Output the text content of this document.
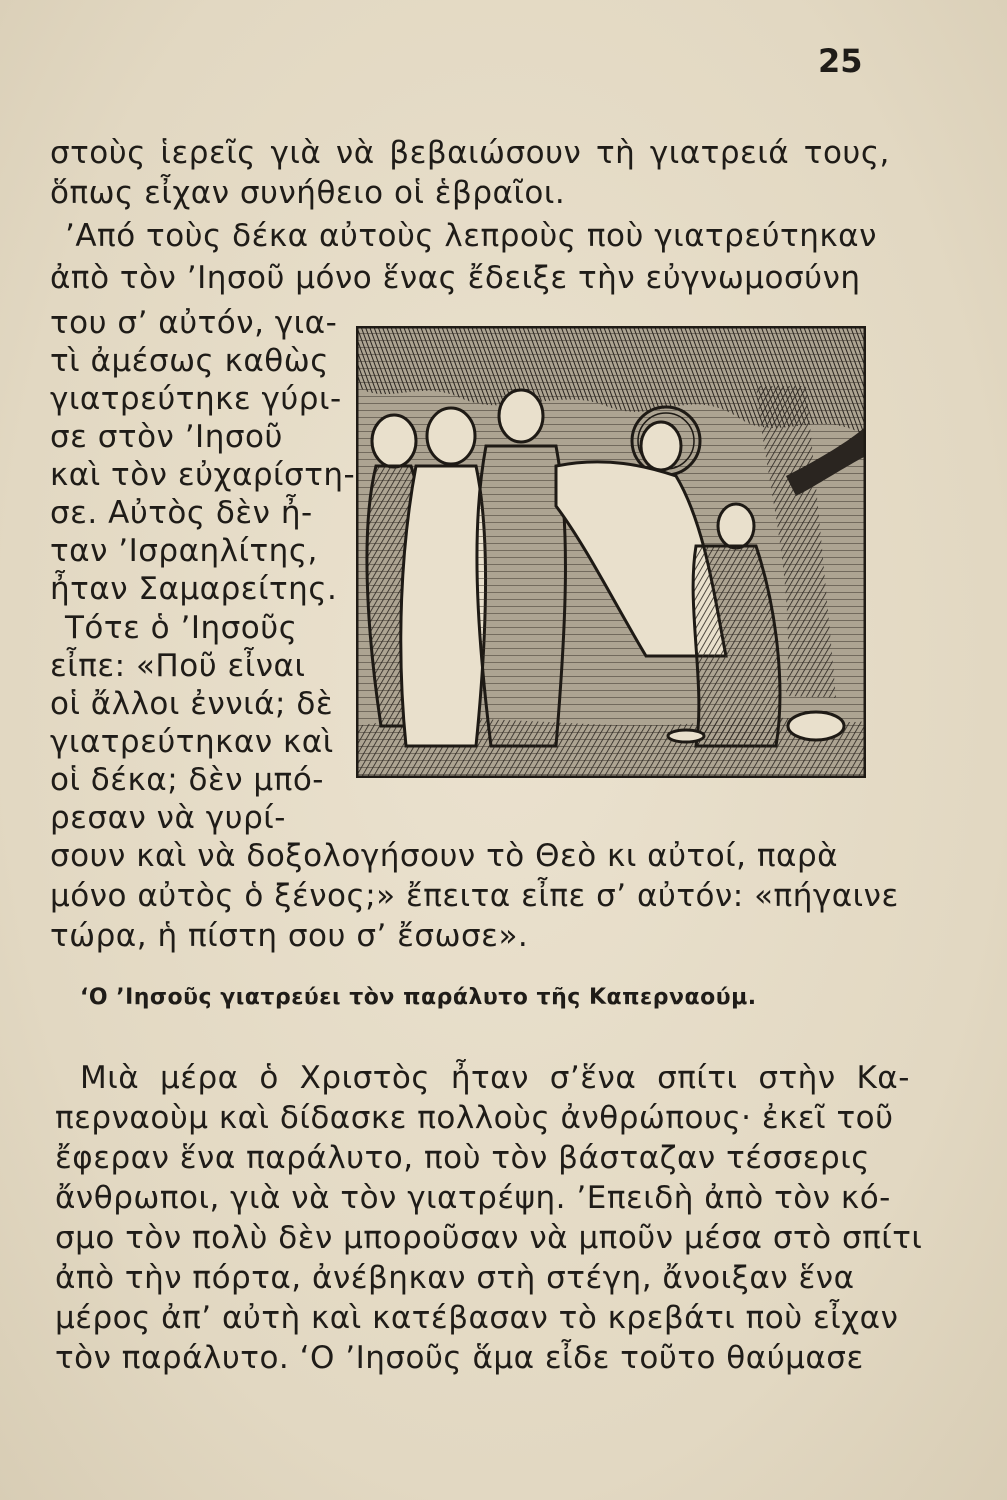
25
στοὺς ἱερεῖς γιὰ νὰ βεβαιώσουν τὴ γιατρειά τους,
ὅπως εἶχαν συνήθειο οἱ ἑβραῖοι.
’Από τοὺς δέκα αὐτοὺς λεπροὺς ποὺ γιατρεύτηκαν
ἀπὸ τὸν ’Ιησοῦ μόνο ἕνας ἔδειξε τὴν εὐγνωμοσύνη
του σ’ αὐτόν, για-
τὶ ἀμέσως καθὼς
γιατρεύτηκε γύρι-
σε στὸν ’Ιησοῦ
καὶ τὸν εὐχαρίστη-
σε. Αὐτὸς δὲν ἦ-
ταν ’Ισραηλίτης,
ἦταν Σαμαρείτης.
Τότε ὁ ’Ιησοῦς
εἶπε: «Ποῦ εἶναι
οἱ ἄλλοι ἐννιά; δὲ
γιατρεύτηκαν καὶ
οἱ δέκα; δὲν μπό-
ρεσαν νὰ γυρί-
σουν καὶ νὰ δοξολογήσουν τὸ Θεὸ κι αὐτοί, παρὰ
μόνο αὐτὸς ὁ ξένος;» ἔπειτα εἶπε σ’ αὐτόν: «πήγαινε
τώρα, ἡ πίστη σου σ’ ἔσωσε».
‘Ο ’Ιησοῦς γιατρεύει τὸν παράλυτο τῆς Καπερναούμ.
Μιὰ μέρα ὁ Χριστὸς ἦταν σ’ἕνα σπίτι στὴν Κα-
περναοὺμ καὶ δίδασκε πολλοὺς ἀνθρώπους· ἐκεῖ τοῦ
ἔφεραν ἕνα παράλυτο, ποὺ τὸν βάσταζαν τέσσερις
ἄνθρωποι, γιὰ νὰ τὸν γιατρέψη. ’Επειδὴ ἀπὸ τὸν κό-
σμο τὸν πολὺ δὲν μποροῦσαν νὰ μποῦν μέσα στὸ σπίτι
ἀπὸ τὴν πόρτα, ἀνέβηκαν στὴ στέγη, ἄνοιξαν ἕνα
μέρος ἀπ’ αὐτὴ καὶ κατέβασαν τὸ κρεβάτι ποὺ εἶχαν
τὸν παράλυτο. ‘Ο ’Ιησοῦς ἅμα εἶδε τοῦτο θαύμασε
